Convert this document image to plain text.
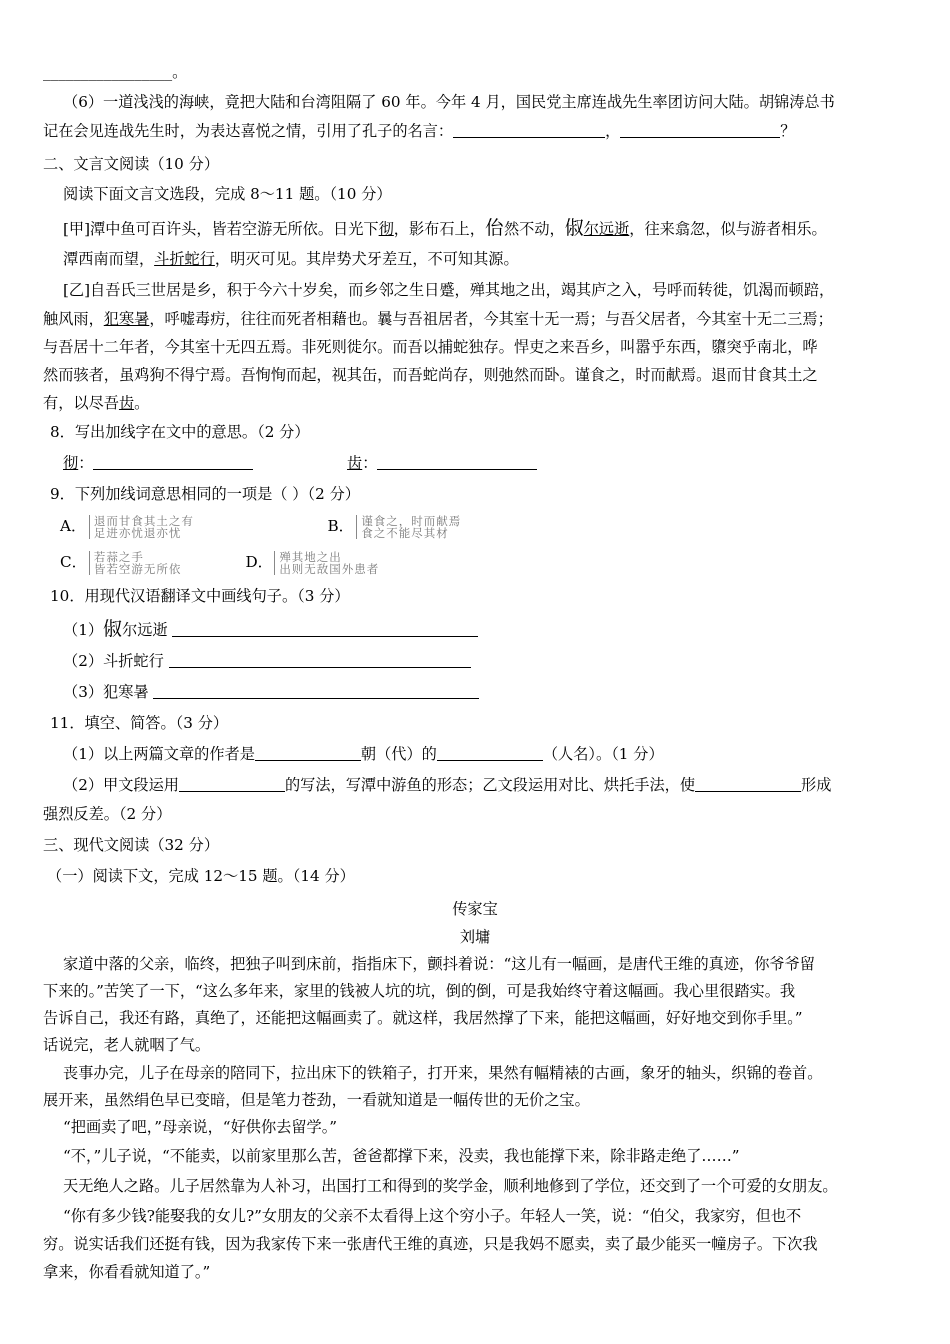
_________________。
（6）一道浅浅的海峡，竟把大陆和台湾阻隔了 60 年。今年 4 月，国民党主席连战先生率团访问大陆。胡锦涛总书
记在会见连战先生时，为表达喜悦之情，引用了孔子的名言：	，	？
二、文言文阅读（10 分）
阅读下面文言文选段，完成 8～11 题。（10 分）
[甲]潭中鱼可百许头，皆若空游无所依。日光下彻，影布石上，佁然不动，俶尔远逝，往来翕忽，似与游者相乐。
潭西南而望，斗折蛇行，明灭可见。其岸势犬牙差互，不可知其源。
[乙]自吾氏三世居是乡，积于今六十岁矣，而乡邻之生日蹙，殚其地之出，竭其庐之入，号呼而转徙，饥渴而顿踣，
触风雨，犯寒暑，呼嘘毒疠，往往而死者相藉也。曩与吾祖居者，今其室十无一焉；与吾父居者，今其室十无二三焉；
与吾居十二年者，今其室十无四五焉。非死则徙尔。而吾以捕蛇独存。悍吏之来吾乡，叫嚣乎东西，隳突乎南北，哗
然而骇者，虽鸡狗不得宁焉。吾恂恂而起，视其缶，而吾蛇尚存，则弛然而卧。谨食之，时而献焉。退而甘食其土之
有，以尽吾齿。
8．写出加线字在文中的意思。（2 分）
彻：	齿：
9．下列加线词意思相同的一项是（ ）（2 分）
A． 退而甘食其土之有
足进亦忧退亦忧	B． 谨食之，时而献焉
食之不能尽其材
C． 若蒜之手
皆若空游无所依	D． 殚其地之出
出则无敌国外患者
10．用现代汉语翻译文中画线句子。（3 分）
（1）俶尔远逝
（2）斗折蛇行
（3）犯寒暑
11．填空、简答。（3 分）
（1）以上两篇文章的作者是	朝（代）的	（人名）。（1 分）
（2）甲文段运用	的写法，写潭中游鱼的形态；乙文段运用对比、烘托手法，使	形成
强烈反差。（2 分）
三、现代文阅读（32 分）
（一）阅读下文，完成 12～15 题。（14 分）
传家宝
刘墉
家道中落的父亲，临终，把独子叫到床前，指指床下，颤抖着说：“这儿有一幅画，是唐代王维的真迹，你爷爷留
下来的。”苦笑了一下，“这么多年来，家里的钱被人坑的坑，倒的倒，可是我始终守着这幅画。我心里很踏实。我
告诉自己，我还有路，真绝了，还能把这幅画卖了。就这样，我居然撑了下来，能把这幅画，好好地交到你手里。”
话说完，老人就咽了气。
丧事办完，儿子在母亲的陪同下，拉出床下的铁箱子，打开来，果然有幅精裱的古画，象牙的轴头，织锦的卷首。
展开来，虽然绢色早已变暗，但是笔力苍劲，一看就知道是一幅传世的无价之宝。
“把画卖了吧，”母亲说，“好供你去留学。”
“不，”儿子说，“不能卖，以前家里那么苦，爸爸都撑下来，没卖，我也能撑下来，除非路走绝了……”
天无绝人之路。儿子居然靠为人补习，出国打工和得到的奖学金，顺利地修到了学位，还交到了一个可爱的女朋友。
“你有多少钱?能娶我的女儿?”女朋友的父亲不太看得上这个穷小子。年轻人一笑，说：“伯父，我家穷，但也不
穷。说实话我们还挺有钱，因为我家传下来一张唐代王维的真迹，只是我妈不愿卖，卖了最少能买一幢房子。下次我
拿来，你看看就知道了。”
